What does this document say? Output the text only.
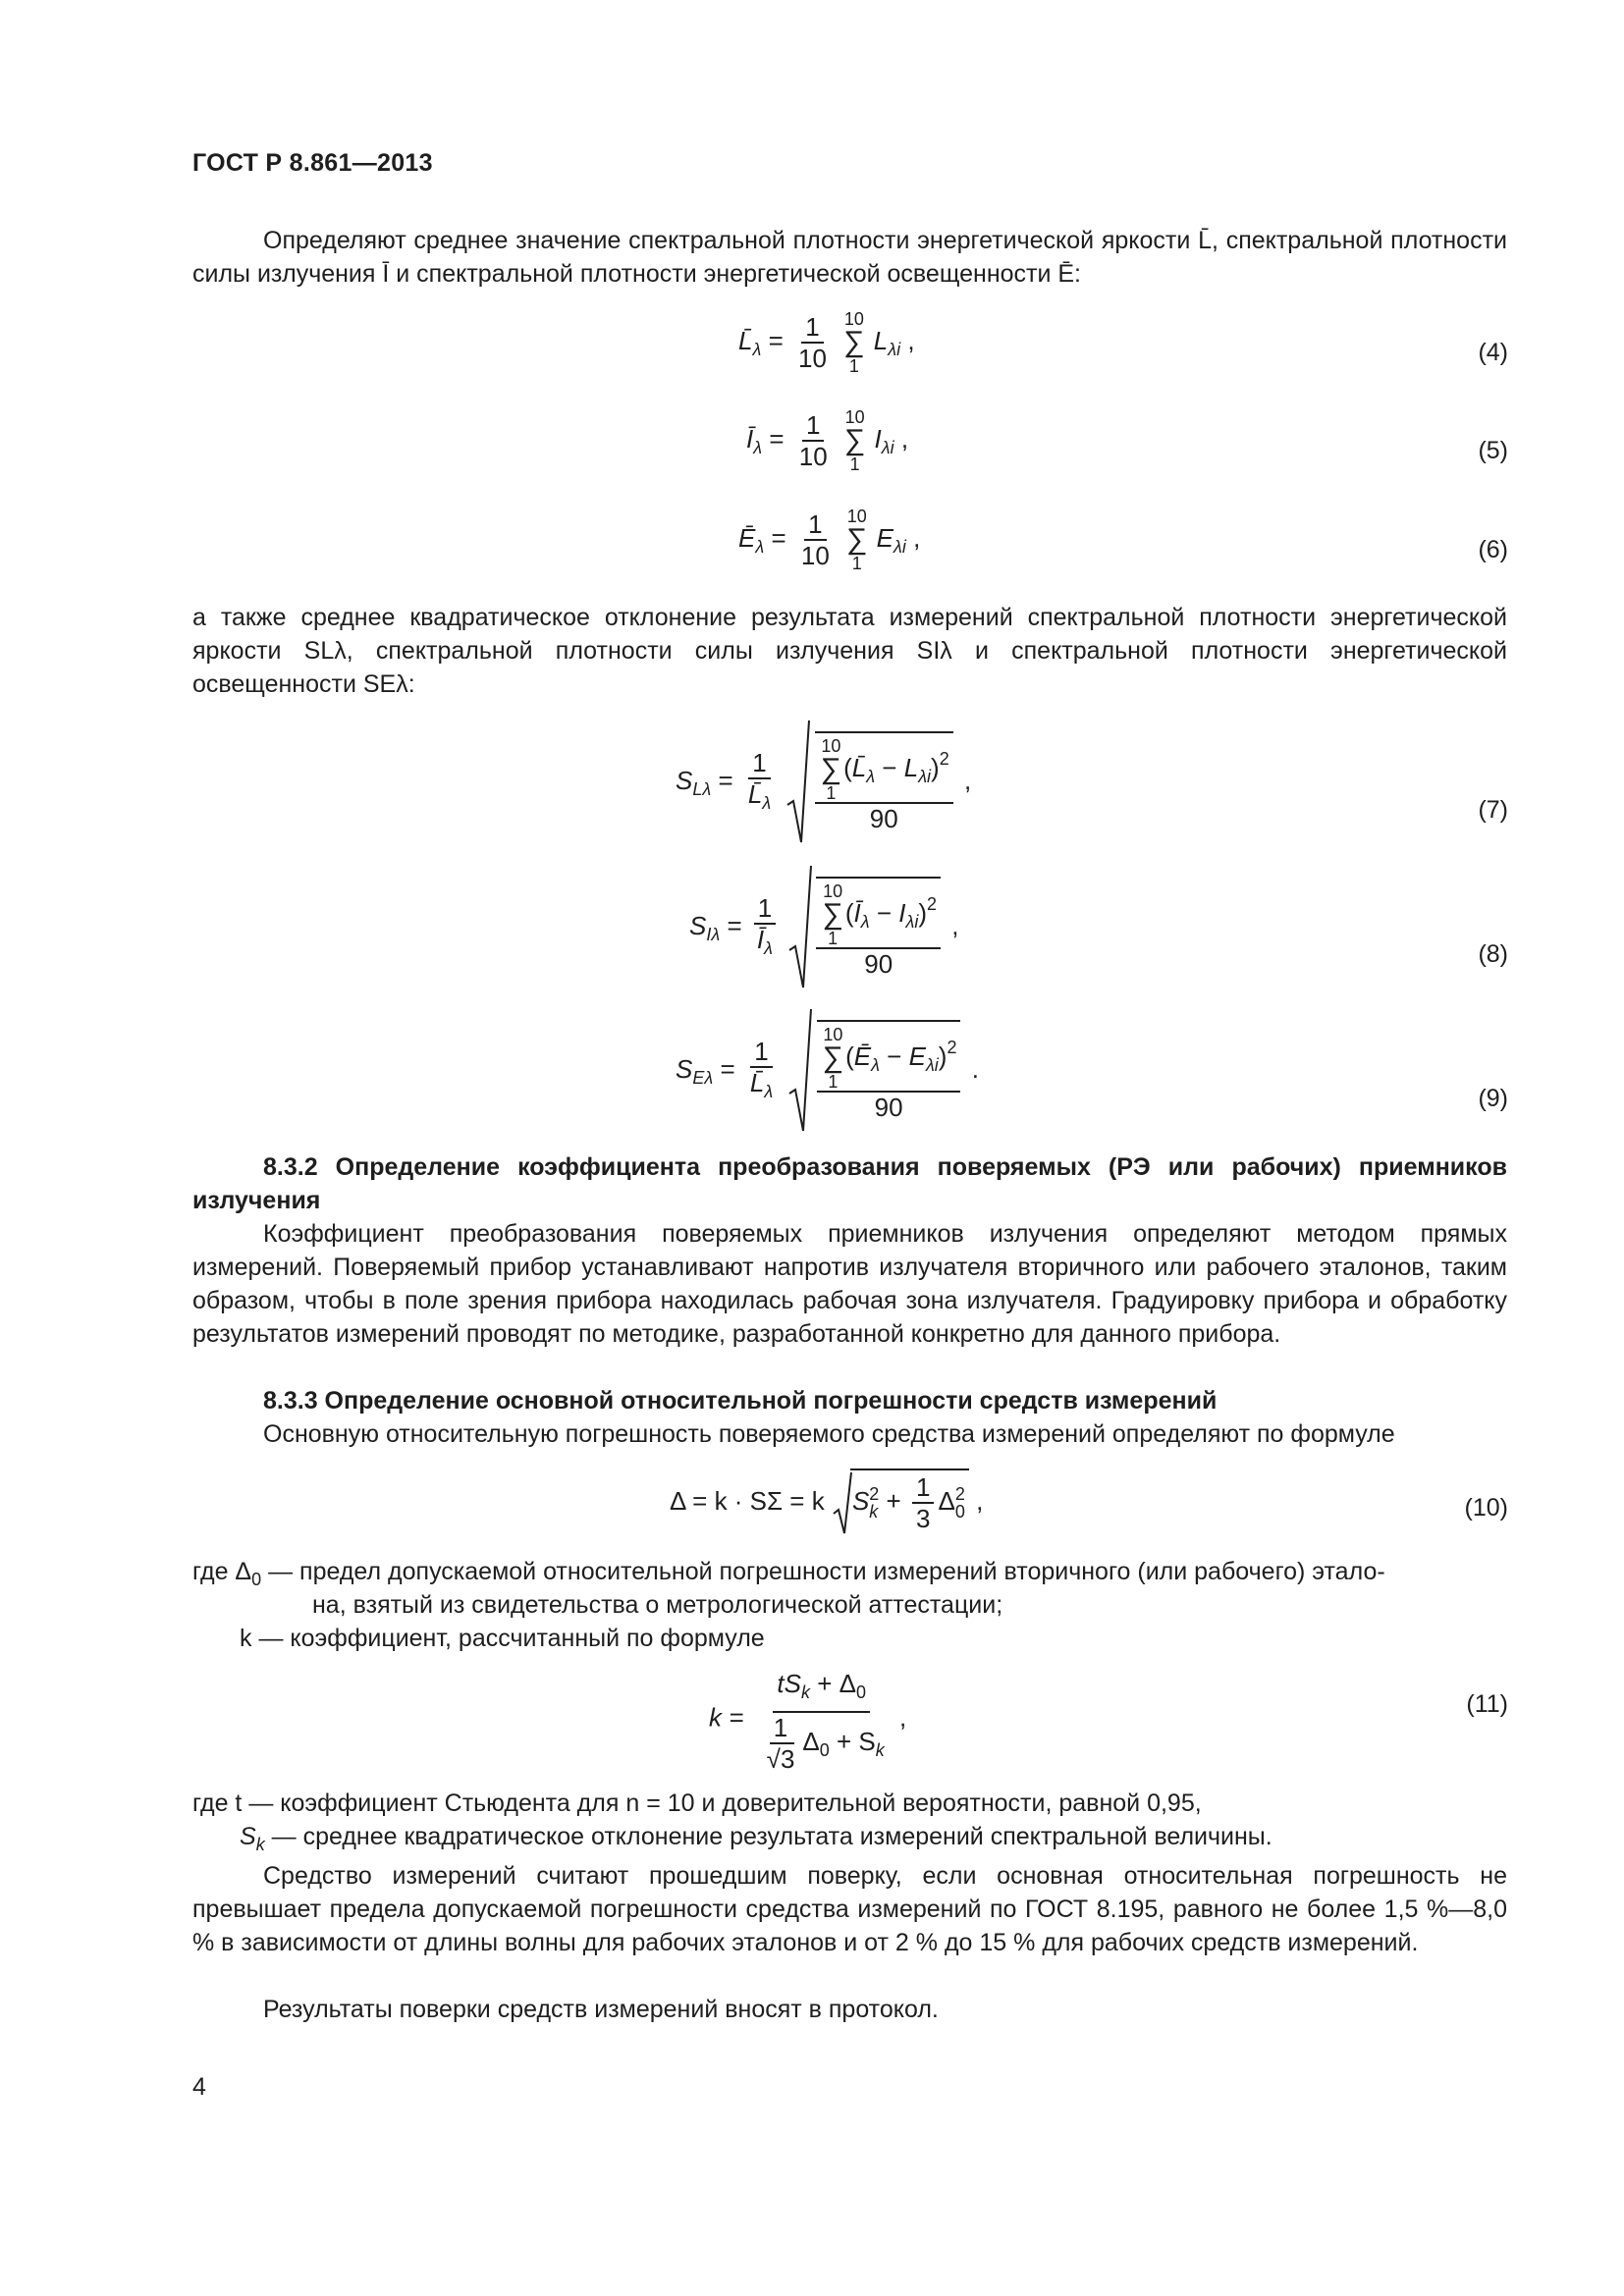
ГОСТ Р 8.861—2013
Определяют среднее значение спектральной плотности энергетической яркости L̄, спектральной плотности силы излучения Ī и спектральной плотности энергетической освещенности Ē:
$L̄_\lambda = \frac{1}{10}$
10
∑
1
$L_{\lambda i}$ ,	(4)
$Ī_\lambda = \frac{1}{10}$
10
∑
1
$I_{\lambda i}$ ,	(5)
$Ē_\lambda = \frac{1}{10}$
10
∑
1
$E_{\lambda i}$ ,	(6)
а также среднее квадратическое отклонение результата измерений спектральной плотности энергетической яркости SLλ, спектральной плотности силы излучения SIλ и спектральной плотности энергетической освещенности SEλ:
$S_{L\lambda} = \frac{1}{L̄_\lambda}$
10
∑
1
$(L̄_\lambda - L_{\lambda i})^2$
90 ,
(7)
$S_{I\lambda} = \frac{1}{Ī_\lambda}$
10
∑
1
$(Ī_\lambda - I_{\lambda i})^2$
90 ,
(8)
$S_{E\lambda} = \frac{1}{L̄_\lambda}$
10
∑
1
$(Ē_\lambda - E_{\lambda i})^2$
90 .
(9)
8.3.2 Определение коэффициента преобразования поверяемых (РЭ или рабочих) приемников излучения
Коэффициент преобразования поверяемых приемников излучения определяют методом прямых измерений. Поверяемый прибор устанавливают напротив излучателя вторичного или рабочего эталонов, таким образом, чтобы в поле зрения прибора находилась рабочая зона излучателя. Градуировку прибора и обработку результатов измерений проводят по методике, разработанной конкретно для данного прибора.
8.3.3 Определение основной относительной погрешности средств измерений
Основную относительную погрешность поверяемого средства измерений определяют по формуле
Δ = k · SΣ = k S 2
$k + \frac{1}{3}$ Δ 2
0 ,	(10)
где $\Delta_0$ — предел допускаемой относительной погрешности измерений вторичного (или рабочего) этало-
на, взятый из свидетельства о метрологической аттестации;
k — коэффициент, рассчитанный по формуле
$k = \frac{tS_k + \Delta_0}{\frac{1}{√3} \Delta_0 + S_k}$ ,	(11)
где t — коэффициент Стьюдента для n = 10 и доверительной вероятности, равной 0,95,
$S_k$ — среднее квадратическое отклонение результата измерений спектральной величины.
Средство измерений считают прошедшим поверку, если основная относительная погрешность не превышает предела допускаемой погрешности средства измерений по ГОСТ 8.195, равного не более 1,5 %—8,0 % в зависимости от длины волны для рабочих эталонов и от 2 % до 15 % для рабочих средств измерений.
Результаты поверки средств измерений вносят в протокол.
4
